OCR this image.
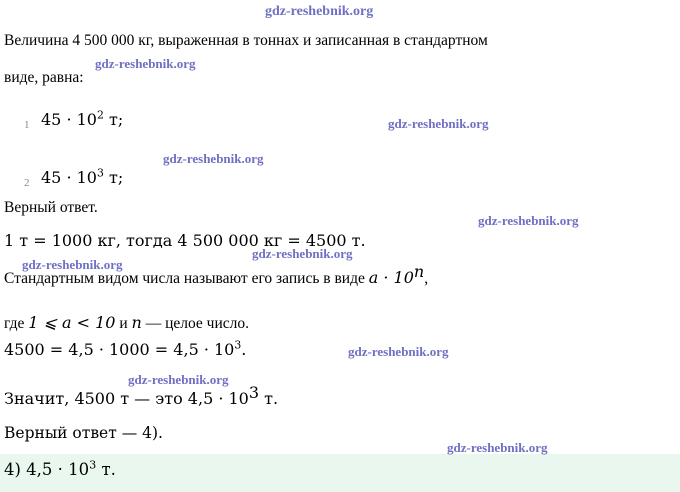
Величина 4 500 000 кг, выраженная в тоннах и записанная в стандартном
виде, равна:
1 $45 \cdot 10^2$ т;
2 $45 \cdot 10^3$ т;
Верный ответ.
1 т = 1000 кг, тогда 4 500 000 кг = 4500 т.
Стандартным видом числа называют его запись в виде $a \cdot 10^n$,
где 1 ⩽ a < 10 и n — целое число.
$4500 = 4,5 \cdot 1000 = 4,5 \cdot 10^3$.
Значит, 4500 т — это $4,5 \cdot 10^3$ т.
Верный ответ — 4).
4) $4,5 \cdot 10^3$ т.
gdz-reshebnik.org
gdz-reshebnik.org
gdz-reshebnik.org
gdz-reshebnik.org
gdz-reshebnik.org
gdz-reshebnik.org
gdz-reshebnik.org
gdz-reshebnik.org
gdz-reshebnik.org
gdz-reshebnik.org
